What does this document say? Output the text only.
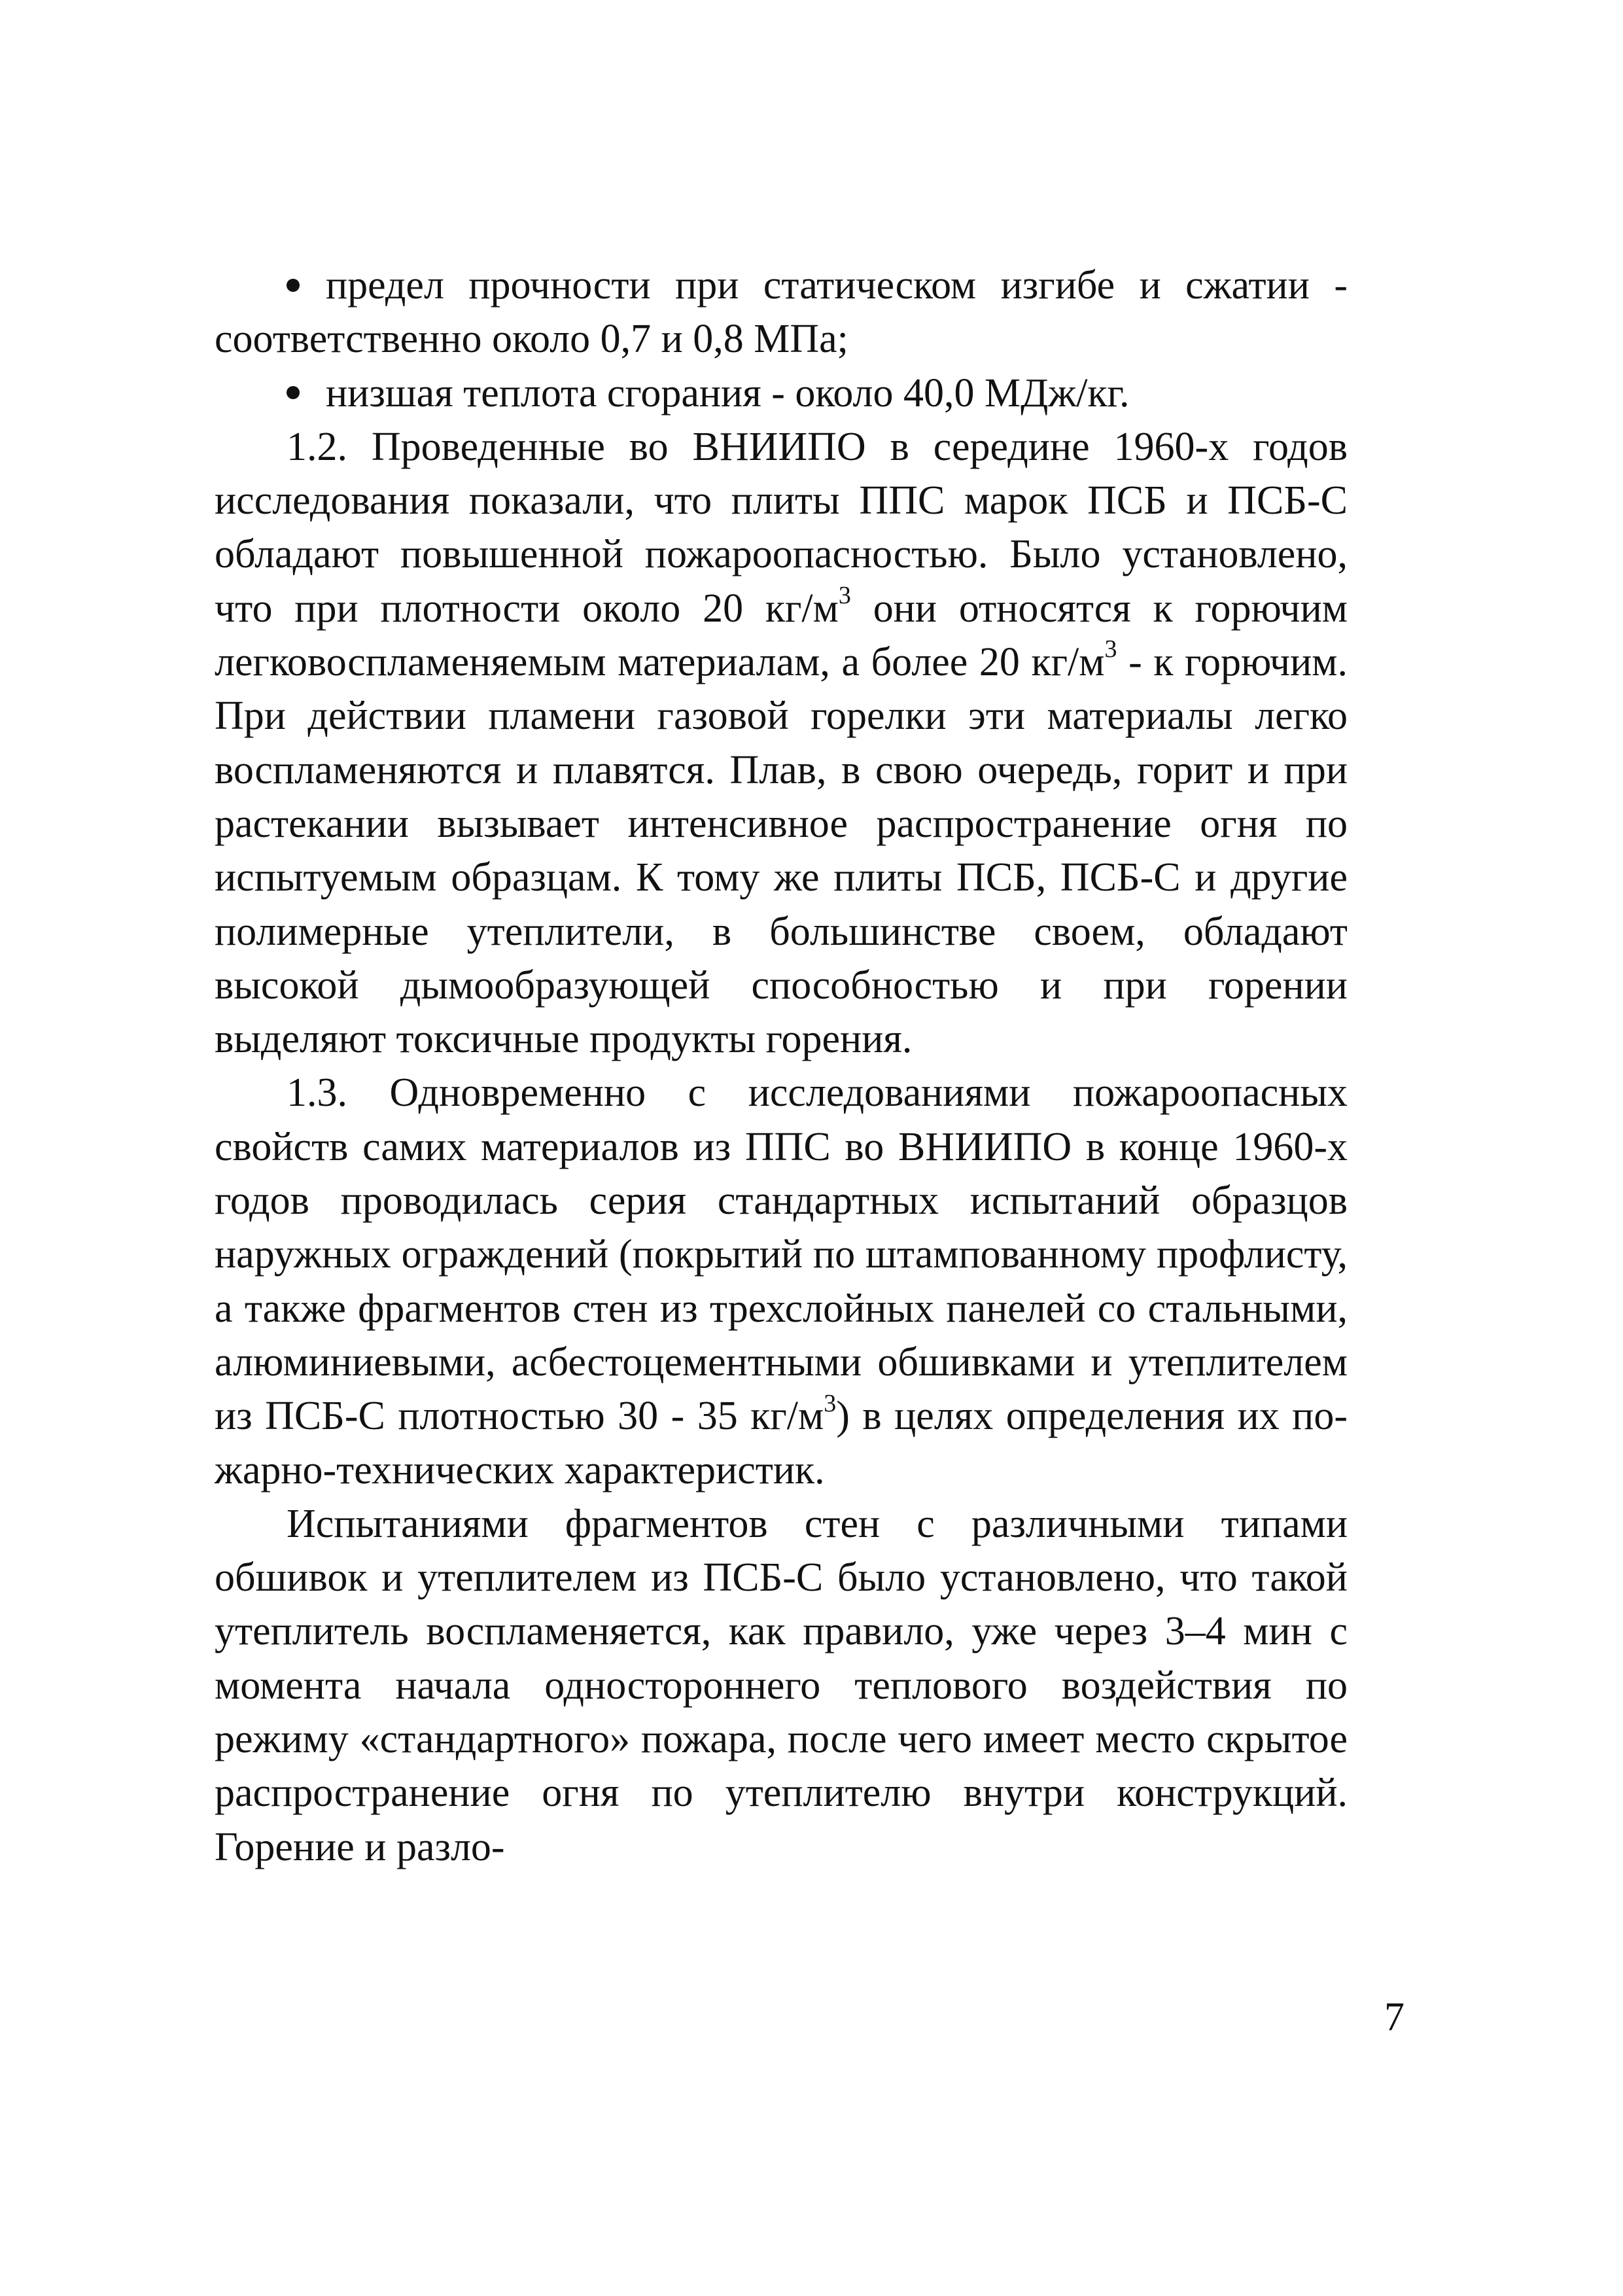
предел прочности при статическом изгибе и сжатии - соответственно около 0,7 и 0,8 МПа;

низшая теплота сгорания - около 40,0 МДж/кг.

1.2. Проведенные во ВНИИПО в середине 1960-х годов исследования показали, что плиты ППС марок ПСБ и ПСБ-С обладают повышенной пожароопасностью. Было установлено, что при плотности около 20 $кг/м^3$ они относятся к горючим легковоспламеняемым материалам, а более 20 $кг/м^3$ - к горючим. При действии пламени газовой горелки эти материалы легко воспламеняются и плавятся. Плав, в свою очередь, горит и при растекании вызывает интенсивное распространение огня по испытуемым образцам. К тому же плиты ПСБ, ПСБ-С и другие полимерные утеплители, в большинстве своем, обладают высокой дымообразующей способностью и при горении выделяют токсичные продукты горения.

1.3. Одновременно с исследованиями пожароопасных свойств самих материалов из ППС во ВНИИПО в конце 1960-х годов проводилась серия стандартных испытаний образцов наружных ограждений (покрытий по штампованному профлисту, а также фрагментов стен из трехслойных панелей со стальными, алюминиевыми, асбестоцементными обшивками и утеплителем из ПСБ-С плотностью 30 - 35 $кг/м^3$) в целях определения их пожарно-технических характеристик.

Испытаниями фрагментов стен с различными типами обшивок и утеплителем из ПСБ-С было установлено, что такой утеплитель воспламеняется, как правило, уже через 3–4 мин с момента начала одностороннего теплового воздействия по режиму «стандартного» пожара, после чего имеет место скрытое распространение огня по утеплителю внутри конструкций. Горение и разло-

7
